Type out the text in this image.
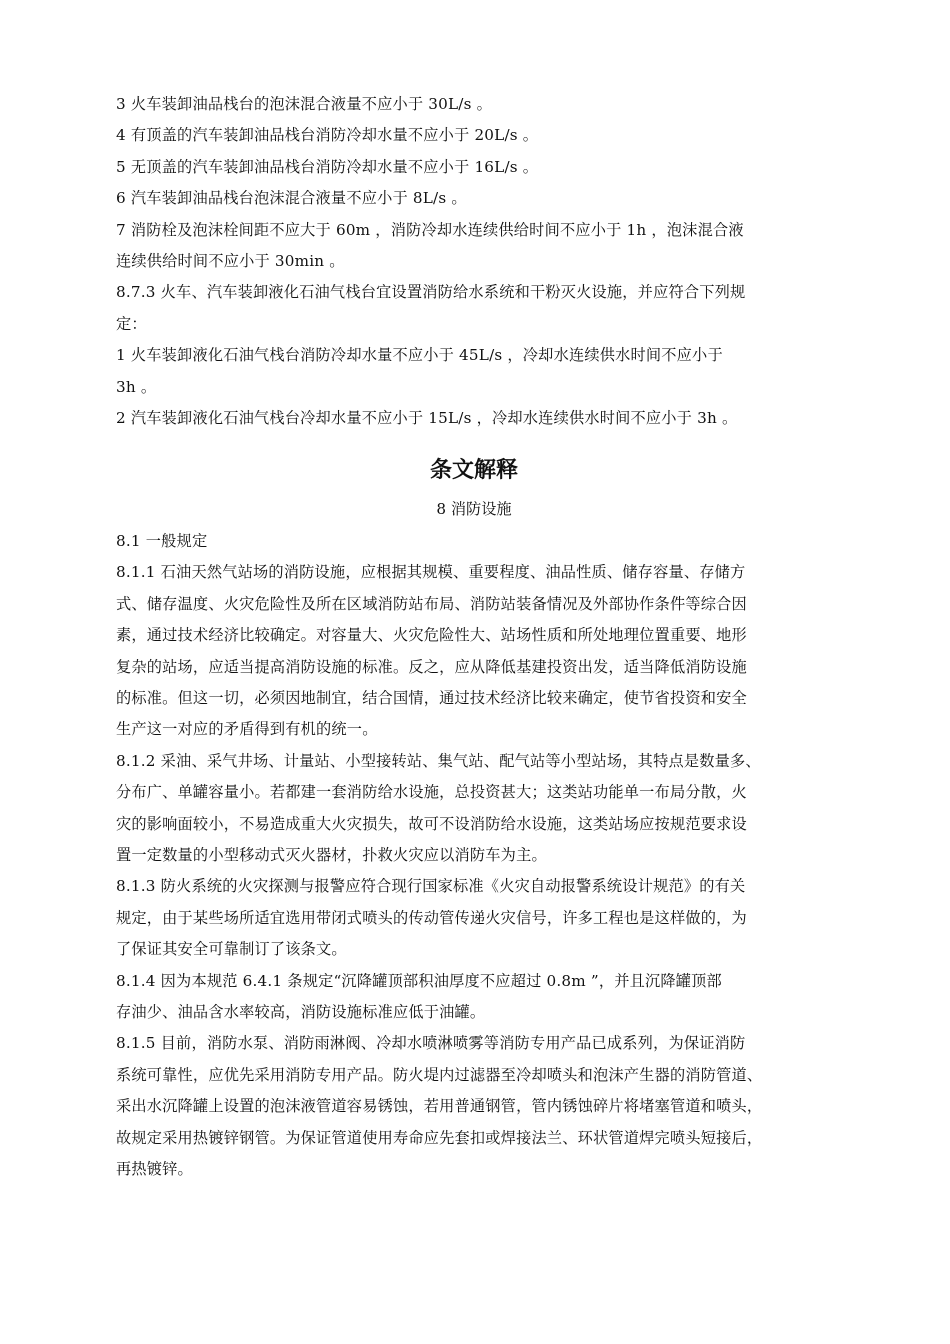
3 火车装卸油品栈台的泡沫混合液量不应小于 30L/s 。

4 有顶盖的汽车装卸油品栈台消防冷却水量不应小于 20L/s 。

5 无顶盖的汽车装卸油品栈台消防冷却水量不应小于 16L/s 。

6 汽车装卸油品栈台泡沫混合液量不应小于 8L/s 。

7 消防栓及泡沫栓间距不应大于 60m ，消防冷却水连续供给时间不应小于 1h ，泡沫混合液

连续供给时间不应小于 30min 。

8.7.3 火车、汽车装卸液化石油气栈台宜设置消防给水系统和干粉灭火设施，并应符合下列规

定：

1 火车装卸液化石油气栈台消防冷却水量不应小于 45L/s ，冷却水连续供水时间不应小于

3h 。

2 汽车装卸液化石油气栈台冷却水量不应小于 15L/s ，冷却水连续供水时间不应小于 3h 。

条文解释

8 消防设施

8.1 一般规定

8.1.1 石油天然气站场的消防设施，应根据其规模、重要程度、油品性质、储存容量、存储方

式、储存温度、火灾危险性及所在区域消防站布局、消防站装备情况及外部协作条件等综合因

素，通过技术经济比较确定。对容量大、火灾危险性大、站场性质和所处地理位置重要、地形

复杂的站场，应适当提高消防设施的标准。反之，应从降低基建投资出发，适当降低消防设施

的标准。但这一切，必须因地制宜，结合国情，通过技术经济比较来确定，使节省投资和安全

生产这一对应的矛盾得到有机的统一。

8.1.2 采油、采气井场、计量站、小型接转站、集气站、配气站等小型站场，其特点是数量多、

分布广、单罐容量小。若都建一套消防给水设施，总投资甚大；这类站功能单一布局分散，火

灾的影响面较小，不易造成重大火灾损失，故可不设消防给水设施，这类站场应按规范要求设

置一定数量的小型移动式灭火器材，扑救火灾应以消防车为主。

8.1.3 防火系统的火灾探测与报警应符合现行国家标准《火灾自动报警系统设计规范》的有关

规定，由于某些场所适宜选用带闭式喷头的传动管传递火灾信号，许多工程也是这样做的，为

了保证其安全可靠制订了该条文。

8.1.4 因为本规范 6.4.1 条规定“沉降罐顶部积油厚度不应超过 0.8m ”，并且沉降罐顶部

存油少、油品含水率较高，消防设施标准应低于油罐。

8.1.5 目前，消防水泵、消防雨淋阀、冷却水喷淋喷雾等消防专用产品已成系列，为保证消防

系统可靠性，应优先采用消防专用产品。防火堤内过滤器至冷却喷头和泡沫产生器的消防管道、

采出水沉降罐上设置的泡沫液管道容易锈蚀，若用普通钢管，管内锈蚀碎片将堵塞管道和喷头，

故规定采用热镀锌钢管。为保证管道使用寿命应先套扣或焊接法兰、环状管道焊完喷头短接后，

再热镀锌。
